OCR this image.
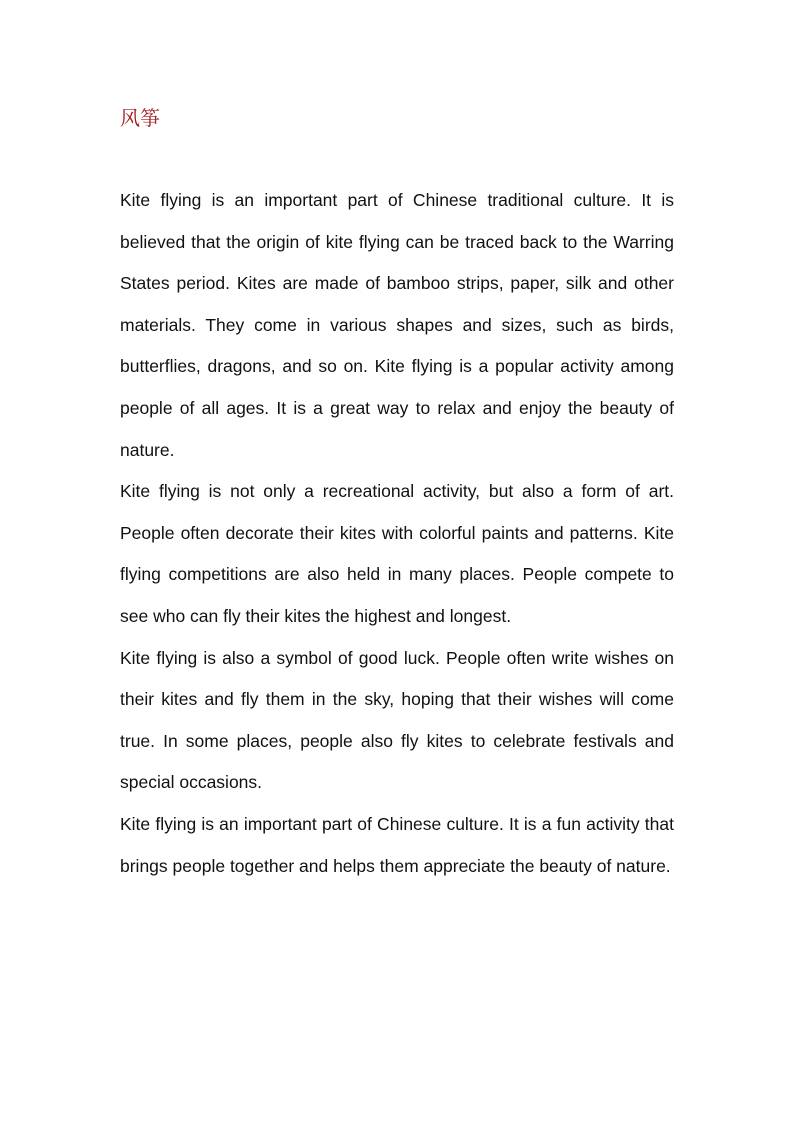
风筝

Kite flying is an important part of Chinese traditional culture. It is believed that the origin of kite flying can be traced back to the Warring States period. Kites are made of bamboo strips, paper, silk and other materials. They come in various shapes and sizes, such as birds, butterflies, dragons, and so on. Kite flying is a popular activity among people of all ages. It is a great way to relax and enjoy the beauty of nature.

Kite flying is not only a recreational activity, but also a form of art. People often decorate their kites with colorful paints and patterns. Kite flying competitions are also held in many places. People compete to see who can fly their kites the highest and longest.

Kite flying is also a symbol of good luck. People often write wishes on their kites and fly them in the sky, hoping that their wishes will come true. In some places, people also fly kites to celebrate festivals and special occasions.

Kite flying is an important part of Chinese culture. It is a fun activity that brings people together and helps them appreciate the beauty of nature.
